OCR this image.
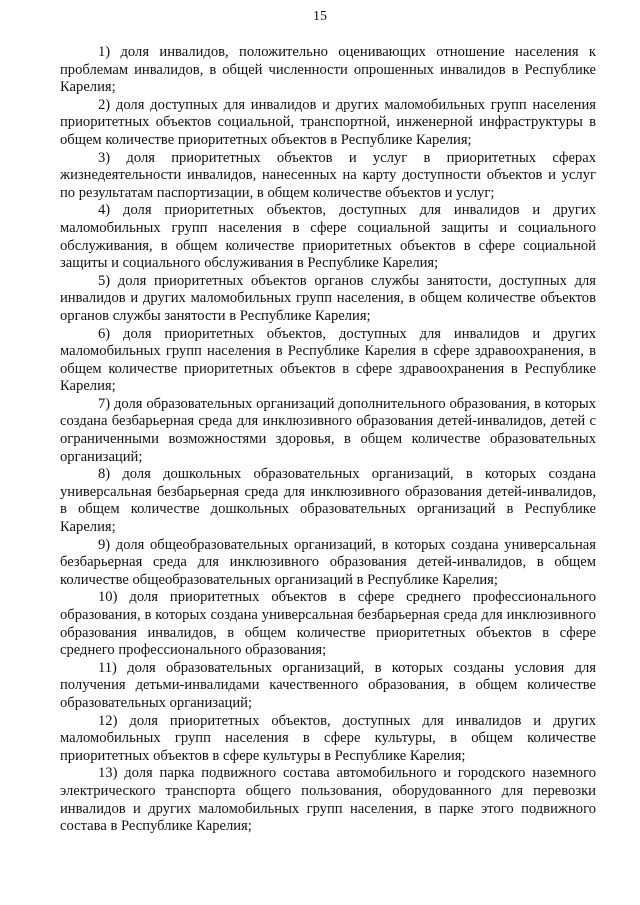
15

1) доля инвалидов, положительно оценивающих отношение населения к проблемам инвалидов, в общей численности опрошенных инвалидов в Республике Карелия;

2) доля доступных для инвалидов и других маломобильных групп населения приоритетных объектов социальной, транспортной, инженерной инфраструктуры в общем количестве приоритетных объектов в Республике Карелия;

3) доля приоритетных объектов и услуг в приоритетных сферах жизнедеятельности инвалидов, нанесенных на карту доступности объектов и услуг по результатам паспортизации, в общем количестве объектов и услуг;

4) доля приоритетных объектов, доступных для инвалидов и других маломобильных групп населения в сфере социальной защиты и социального обслуживания, в общем количестве приоритетных объектов в сфере социальной защиты и социального обслуживания в Республике Карелия;

5) доля приоритетных объектов органов службы занятости, доступных для инвалидов и других маломобильных групп населения, в общем количестве объектов органов службы занятости в Республике Карелия;

6) доля приоритетных объектов, доступных для инвалидов и других маломобильных групп населения в Республике Карелия в сфере здравоохранения, в общем количестве приоритетных объектов в сфере здравоохранения в Республике Карелия;

7) доля образовательных организаций дополнительного образования, в которых создана безбарьерная среда для инклюзивного образования детей-инвалидов, детей с ограниченными возможностями здоровья, в общем количестве образовательных организаций;

8) доля дошкольных образовательных организаций, в которых создана универсальная безбарьерная среда для инклюзивного образования детей-инвалидов, в общем количестве дошкольных образовательных организаций в Республике Карелия;

9) доля общеобразовательных организаций, в которых создана универсальная безбарьерная среда для инклюзивного образования детей-инвалидов, в общем количестве общеобразовательных организаций в Республике Карелия;

10) доля приоритетных объектов в сфере среднего профессионального образования, в которых создана универсальная безбарьерная среда для инклюзивного образования инвалидов, в общем количестве приоритетных объектов в сфере среднего профессионального образования;

11) доля образовательных организаций, в которых созданы условия для получения детьми-инвалидами качественного образования, в общем количестве образовательных организаций;

12) доля приоритетных объектов, доступных для инвалидов и других маломобильных групп населения в сфере культуры, в общем количестве приоритетных объектов в сфере культуры в Республике Карелия;

13) доля парка подвижного состава автомобильного и городского наземного электрического транспорта общего пользования, оборудованного для перевозки инвалидов и других маломобильных групп населения, в парке этого подвижного состава в Республике Карелия;
